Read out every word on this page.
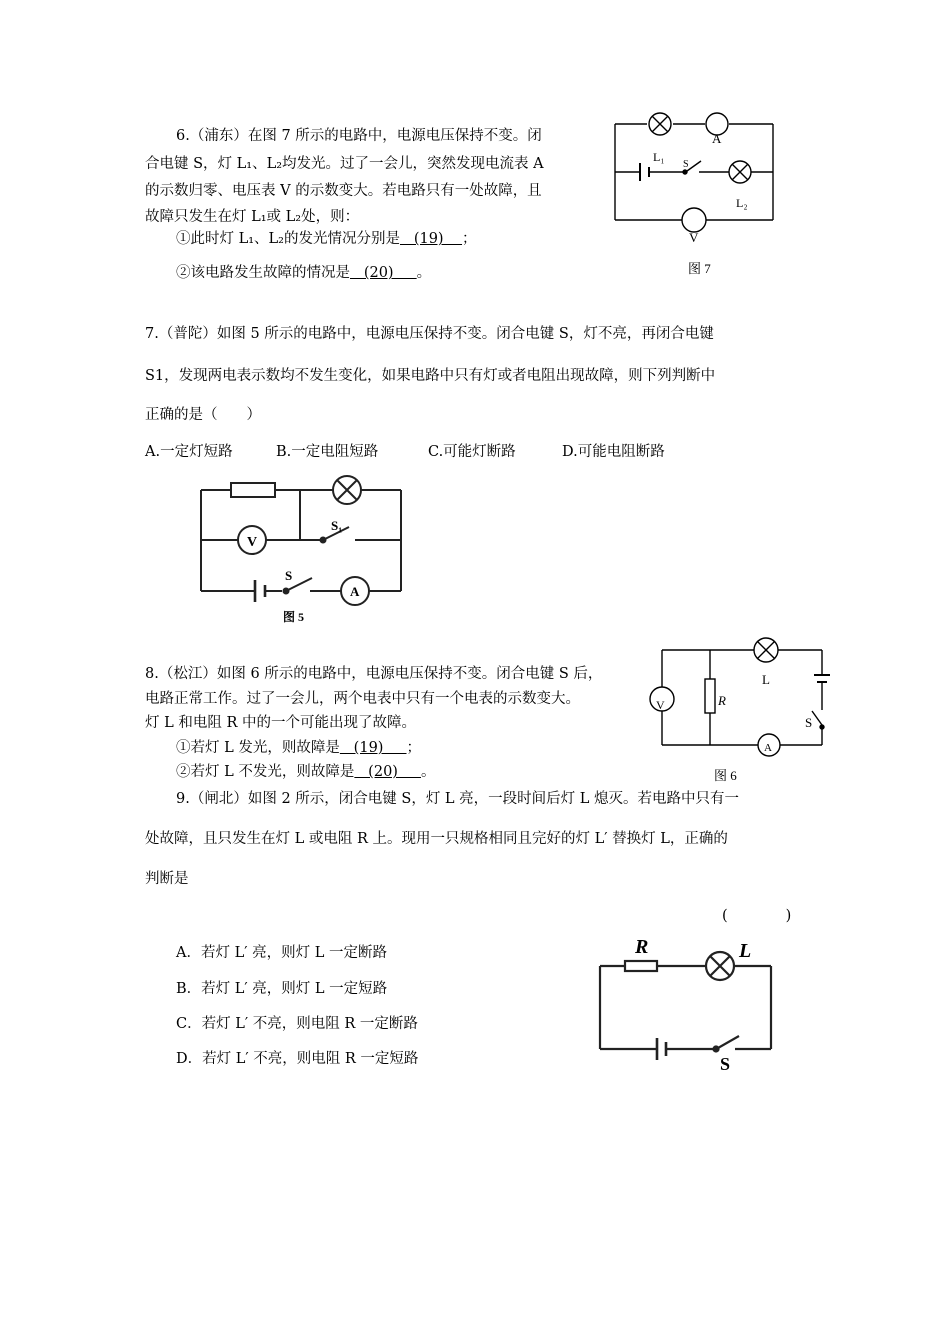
6.（浦东）在图 7 所示的电路中，电源电压保持不变。闭
合电键 S，灯 L₁、L₂均发光。过了一会儿，突然发现电流表 A
的示数归零、电压表 V 的示数变大。若电路只有一处故障，且
故障只发生在灯 L₁或 L₂处，则：
①此时灯 L₁、L₂的发光情况分别是   (19)    ；
②该电路发生故障的情况是   (20)     。
A
L₁
S
L₂
V
图 7
7.（普陀）如图 5 所示的电路中，电源电压保持不变。闭合电键 S，灯不亮，再闭合电键
S1，发现两电表示数均不发生变化，如果电路中只有灯或者电阻出现故障，则下列判断中
正确的是（　　）
A.一定灯短路	B.一定电阻短路	C.可能灯断路	D.可能电阻断路
V
S₁
S
A
图 5
8.（松江）如图 6 所示的电路中，电源电压保持不变。闭合电键 S 后，
电路正常工作。过了一会儿，两个电表中只有一个电表的示数变大。
灯 L 和电阻 R 中的一个可能出现了故障。
①若灯 L 发光，则故障是   (19)     ；
②若灯 L 不发光，则故障是   (20)     。
V	R
L
S
A
图 6
9.（闸北）如图 2 所示，闭合电键 S，灯 L 亮，一段时间后灯 L 熄灭。若电路中只有一
处故障，且只发生在灯 L 或电阻 R 上。现用一只规格相同且完好的灯 L′ 替换灯 L，正确的
判断是
(　　　　)
A．若灯 L′ 亮，则灯 L 一定断路
B．若灯 L′ 亮，则灯 L 一定短路
C．若灯 L′ 不亮，则电阻 R 一定断路
D．若灯 L′ 不亮，则电阻 R 一定短路
R	L
S
